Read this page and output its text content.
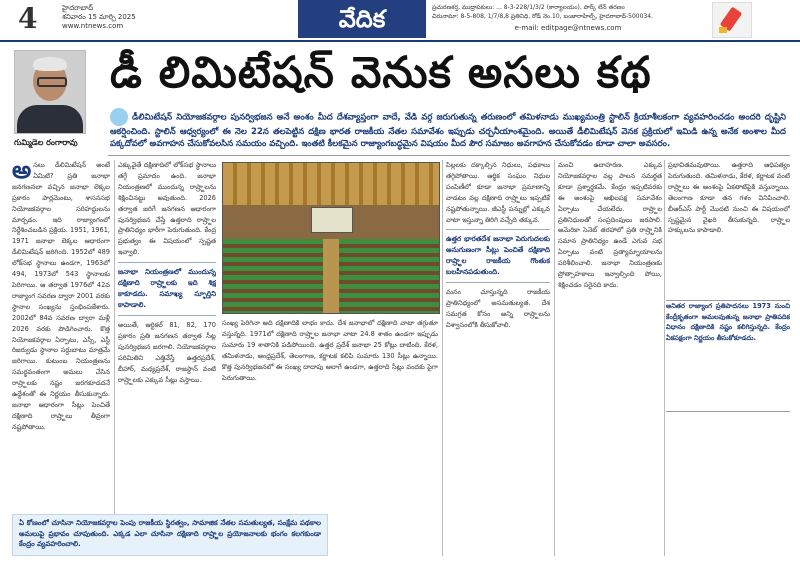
4	హైదరాబాద్
శనివారం 15 మార్చి 2025
www.ntnews.com	వేదిక	ప్రచురణకర్త, ముద్రాపకులు: ... 8-3-228/1/3/2 (కార్యాలయం), పార్క్ లేన్ తరణం
చిరునామా: 8-5-808, 1/7/8,8 ప్రతినిధి, రోడ్ నెం.10, బంజారాహిల్స్, హైదరాబాద్-500034.
e-mail: editpage@ntnews.com
గుమ్మిడెల రంగారావు
డీ లిమిటేషన్ వెనుక అసలు కథ
డీలిమిటేషన్ నియోజకవర్గాల పునర్విభజన అనే అంశం మీద దేశవ్యాప్తంగా వాదే, వేడి వర్గ జరుగుతున్న తరుణంలో తమిళనాడు ముఖ్యమంత్రి స్టాలిన్ క్రియాశీలకంగా వ్యవహరించడం అందరి దృష్టిని ఆకర్షించింది. స్టాలిన్ ఆధ్వర్యంలో ఈ నెల 22న తలపెట్టిన దక్షిణ భారత రాజకీయ నేతల సమావేశం ఇప్పుడు చర్చనీయాంశమైంది. అయితే డీలిమిటేషన్ వెనక ప్రక్రియలో ఇమిడి ఉన్న అనేక అంశాల మీద పక్కదోవలో అవగాహన చేసుకోవలసిన సమయం వచ్చింది. ఇంతటి కీలకమైన రాజ్యాంగబద్ధమైన విషయం మీద పౌర సమాజం అవగాహన చేసుకోవడం కూడా చాలా అవసరం.
అసలు డీలిమిటేషన్ అంటే ఏమిటి? ప్రతి జనాభా జనగణనలా వచ్చిన జనాభా లెక్కల ప్రకారం పార్లమెంటు, శాసనసభ నియోజకవర్గాల సరిహద్దులను మార్చడం. ఇది రాజ్యాంగంలో నిర్దేశించబడిన ప్రక్రియ. 1951, 1961, 1971 జనాభా లెక్కల ఆధారంగా డీలిమిటేషన్ జరిగింది. 1952లో 489 లోక్‌సభ స్థానాలు ఉండగా, 1963లో 494, 1973లో 543 స్థానాలకు పెరిగాయి. ఆ తర్వాత 1976లో 42వ రాజ్యాంగ సవరణ ద్వారా 2001 వరకు స్థానాల సంఖ్యను స్తంభింపజేశారు. 2002లో 84వ సవరణ ద్వారా మళ్లీ 2026 వరకు పొడిగించారు. కొత్త నియోజకవర్గాల ఏర్పాటు, ఎస్సీ, ఎస్టీ రిజర్వుడు స్థానాల సర్దుబాటు మాత్రమే జరిగాయి. కుటుంబ నియంత్రణను సమర్థవంతంగా అమలు చేసిన రాష్ర్టాలకు నష్టం జరగకూడదనే ఉద్దేశంతో ఈ నిర్ణయం తీసుకున్నారు. జనాభా ఆధారంగా సీట్లు పెంచితే దక్షిణాది రాష్ర్టాలు తీవ్రంగా నష్టపోతాయి.
ఎక్కువైతే దక్షిణాదిలో లోక్‌సభ స్థానాలు తగ్గే ప్రమాదం ఉంది. జనాభా నియంత్రణలో ముందున్న రాష్ర్టాలను శిక్షించినట్టు అవుతుంది. 2026 తర్వాత జరిగే జనగణన ఆధారంగా పునర్విభజన చేస్తే ఉత్తరాది రాష్ర్టాల ప్రాతినిధ్యం భారీగా పెరుగుతుంది. కేంద్ర ప్రభుత్వం ఈ విషయంలో స్పష్టత ఇవ్వాలి.
జనాభా నియంత్రణలో ముందున్న దక్షిణాది రాష్ర్టాలకు ఇది శిక్ష కాకూడదు. సమాఖ్య స్ఫూర్తిని కాపాడాలి.
అయితే, ఆర్టికల్ 81, 82, 170 ప్రకారం ప్రతి జనగణన తర్వాత సీట్ల పునర్విభజన జరగాలి. నియోజకవర్గాల పరిమితిని ఎత్తివేస్తే ఉత్తరప్రదేశ్, బీహార్, మధ్యప్రదేశ్, రాజస్థాన్ వంటి రాష్ర్టాలకు ఎక్కువ సీట్లు వస్తాయి.
సంఖ్య పెరిగినా అది దక్షిణాదికి లాభం కాదు. దేశ జనాభాలో దక్షిణాది వాటా తగ్గుతూ వస్తున్నది. 1971లో దక్షిణాది రాష్ర్టాల జనాభా వాటా 24.8 శాతం ఉండగా ఇప్పుడు సుమారు 19 శాతానికి పడిపోయింది. ఉత్తర ప్రదేశ్ జనాభా 25 కోట్లు దాటింది. కేరళ, తమిళనాడు, ఆంధ్రప్రదేశ్, తెలంగాణ, కర్ణాటక కలిపి సుమారు 130 సీట్లు ఉన్నాయి. కొత్త పునర్విభజనలో ఈ సంఖ్య దాదాపు అలాగే ఉండగా, ఉత్తరాది సీట్లు వందకు పైగా పెరుగుతాయి.
పిల్లలకు దక్కాల్సిన నిధులు, పథకాలు తగ్గిపోతాయి. ఆర్థిక సంఘం నిధుల పంపిణీలో కూడా జనాభా ప్రమాణాన్ని వాడటం వల్ల దక్షిణాది రాష్ర్టాలు ఇప్పటికే నష్టపోతున్నాయి. జీఎస్టీ పన్నుల్లో ఎక్కువ వాటా ఇస్తున్నా తిరిగి వచ్చేది తక్కువ.
ఉత్తర భారతదేశ జనాభా పెరుగుదలకు అనుగుణంగా సీట్లు పెంచితే దక్షిణాది రాష్ర్టాల రాజకీయ గొంతుక బలహీనపడుతుంది.
మనం చూస్తున్నది రాజకీయ ప్రాతినిధ్యంలో అసమతుల్యత. దేశ సమగ్రత కోసం అన్ని రాష్ర్టాలను విశ్వాసంలోకి తీసుకోవాలి.
మంచి ఉదాహరణ. ఎక్కువ నియోజకవర్గాల వల్ల పాలన సమర్థత కూడా ప్రశ్నార్థకమే. కేంద్రం ఇప్పటివరకు ఈ అంశంపై అఖిలపక్ష సమావేశం ఏర్పాటు చేయలేదు. రాష్ర్టాల ప్రతినిధులతో సంప్రదింపులు జరపాలి. అమెరికా సెనెట్ తరహాలో ప్రతి రాష్ర్టానికి సమాన ప్రాతినిధ్యం ఉండే ఎగువ సభ ఏర్పాటు వంటి ప్రత్యామ్నాయాలను పరిశీలించాలి. జనాభా నియంత్రణకు ప్రోత్సాహకాలు ఇవ్వాల్సింది పోయి, శిక్షించడం సరైనది కాదు.
ప్రభావితమవుతాయి. ఉత్తరాది ఆధిపత్యం పెరుగుతుంది. తమిళనాడు, కేరళ, కర్ణాటక వంటి రాష్ర్టాలు ఈ అంశంపై ఏకతాటిపైకి వస్తున్నాయి. తెలంగాణ కూడా తన గళం వినిపించాలి. బీఆర్‌ఎస్ పార్టీ మొదటి నుంచి ఈ విషయంలో స్పష్టమైన వైఖరి తీసుకున్నది. రాష్ర్టాల హక్కులను కాపాడాలి.
అనితర రాజ్యాంగ ప్రతిపాదనలు 1973 నుంచి కేంద్రీకృతంగా అమలవుతున్న జనాభా ప్రాతిపదిక విధానం దక్షిణాదికి నష్టం కలిగిస్తున్నది. కేంద్రం ఏకపక్షంగా నిర్ణయం తీసుకోకూడదు.
ఏ కోణంలో చూసినా నియోజకవర్గాల పెంపు రాజకీయ స్థిరత్వం, సామాజిక నేతల సమతుల్యత, సంక్షేమ పథకాల అమలుపై ప్రభావం చూపుతుంది. ఎక్కడ ఎలా చూసినా దక్షిణాది రాష్ర్టాల ప్రయోజనాలకు భంగం కలగకుండా కేంద్రం వ్యవహరించాలి.
